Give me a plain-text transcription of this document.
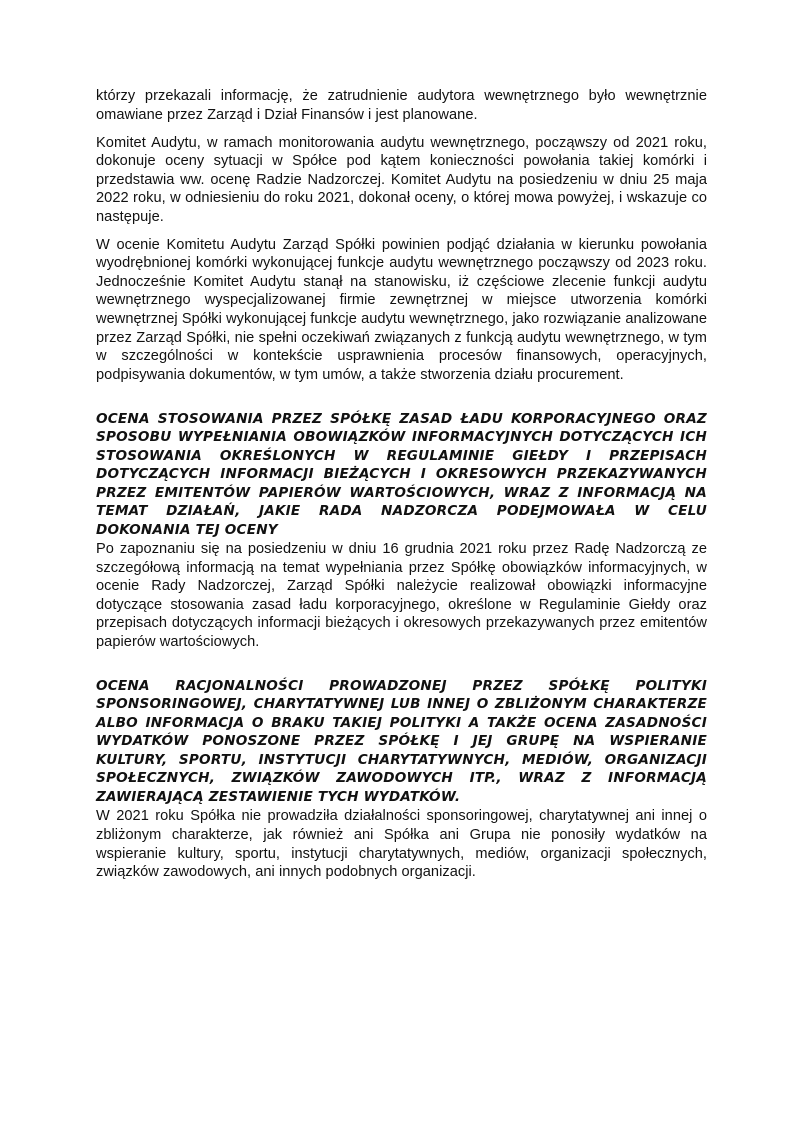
którzy przekazali informację, że zatrudnienie audytora wewnętrznego było wewnętrznie omawiane przez Zarząd i Dział Finansów i jest planowane.

Komitet Audytu, w ramach monitorowania audytu wewnętrznego, począwszy od 2021 roku, dokonuje oceny sytuacji w Spółce pod kątem konieczności powołania takiej komórki i przedstawia ww. ocenę Radzie Nadzorczej. Komitet Audytu na posiedzeniu w dniu 25 maja 2022 roku, w odniesieniu do roku 2021, dokonał oceny, o której mowa powyżej, i wskazuje co następuje.

W ocenie Komitetu Audytu Zarząd Spółki powinien podjąć działania w kierunku powołania wyodrębnionej komórki wykonującej funkcje audytu wewnętrznego począwszy od 2023 roku. Jednocześnie Komitet Audytu stanął na stanowisku, iż częściowe zlecenie funkcji audytu wewnętrznego wyspecjalizowanej firmie zewnętrznej w miejsce utworzenia komórki wewnętrznej Spółki wykonującej funkcje audytu wewnętrznego, jako rozwiązanie analizowane przez Zarząd Spółki, nie spełni oczekiwań związanych z funkcją audytu wewnętrznego, w tym w szczególności w kontekście usprawnienia procesów finansowych, operacyjnych, podpisywania dokumentów, w tym umów, a także stworzenia działu procurement.

OCENA STOSOWANIA PRZEZ SPÓŁKĘ ZASAD ŁADU KORPORACYJNEGO ORAZ SPOSOBU WYPEŁNIANIA OBOWIĄZKÓW INFORMACYJNYCH DOTYCZĄCYCH ICH STOSOWANIA OKREŚLONYCH W REGULAMINIE GIEŁDY I PRZEPISACH DOTYCZĄCYCH INFORMACJI BIEŻĄCYCH I OKRESOWYCH PRZEKAZYWANYCH PRZEZ EMITENTÓW PAPIERÓW WARTOŚCIOWYCH, WRAZ Z INFORMACJĄ NA TEMAT DZIAŁAŃ, JAKIE RADA NADZORCZA PODEJMOWAŁA W CELU DOKONANIA TEJ OCENY

Po zapoznaniu się na posiedzeniu w dniu 16 grudnia 2021 roku przez Radę Nadzorczą ze szczegółową informacją na temat wypełniania przez Spółkę obowiązków informacyjnych, w ocenie Rady Nadzorczej, Zarząd Spółki należycie realizował obowiązki informacyjne dotyczące stosowania zasad ładu korporacyjnego, określone w Regulaminie Giełdy oraz przepisach dotyczących informacji bieżących i okresowych przekazywanych przez emitentów papierów wartościowych.

OCENA RACJONALNOŚCI PROWADZONEJ PRZEZ SPÓŁKĘ POLITYKI SPONSORINGOWEJ, CHARYTATYWNEJ LUB INNEJ O ZBLIŻONYM CHARAKTERZE ALBO INFORMACJA O BRAKU TAKIEJ POLITYKI A TAKŻE OCENA ZASADNOŚCI WYDATKÓW PONOSZONE PRZEZ SPÓŁKĘ I JEJ GRUPĘ NA WSPIERANIE KULTURY, SPORTU, INSTYTUCJI CHARYTATYWNYCH, MEDIÓW, ORGANIZACJI SPOŁECZNYCH, ZWIĄZKÓW ZAWODOWYCH ITP., WRAZ Z INFORMACJĄ ZAWIERAJĄCĄ ZESTAWIENIE TYCH WYDATKÓW.

W 2021 roku Spółka nie prowadziła działalności sponsoringowej, charytatywnej ani innej o zbliżonym charakterze, jak również ani Spółka ani Grupa nie ponosiły wydatków na wspieranie kultury, sportu, instytucji charytatywnych, mediów, organizacji społecznych, związków zawodowych, ani innych podobnych organizacji.
